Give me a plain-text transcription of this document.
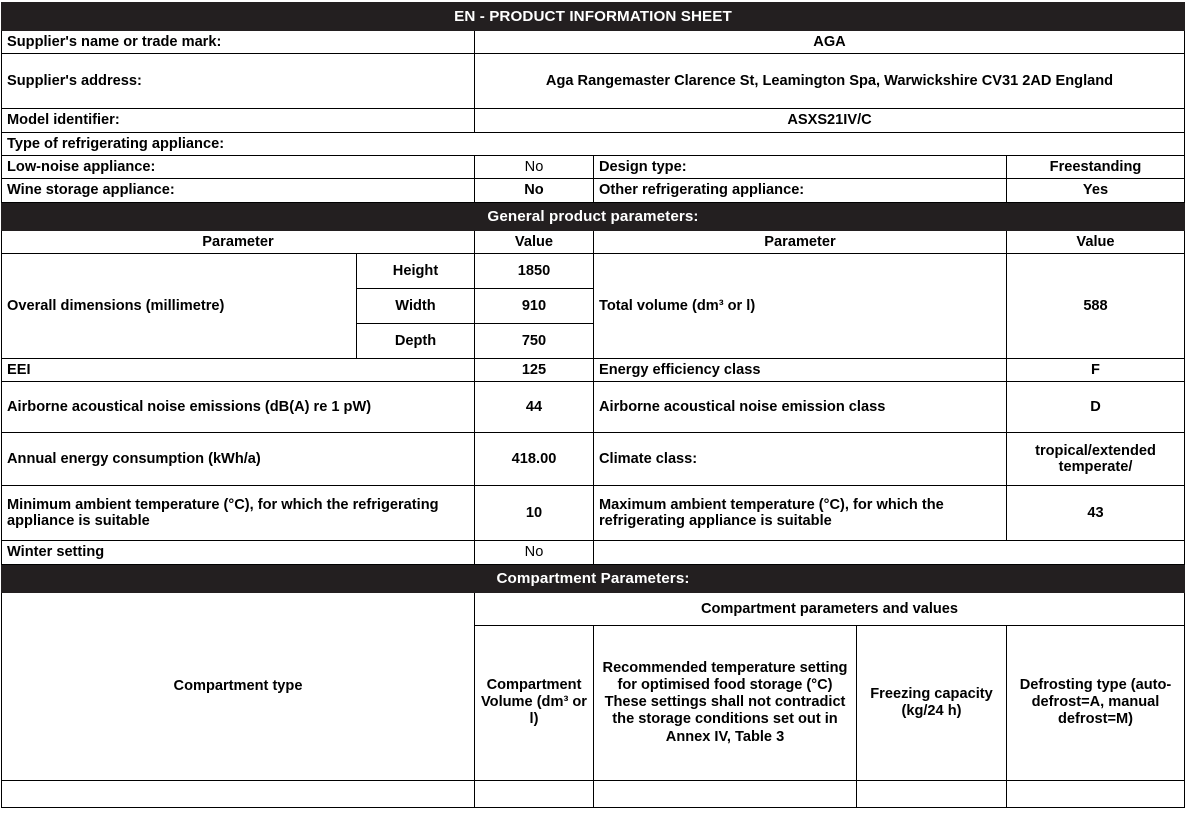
EN - PRODUCT INFORMATION SHEET					
Supplier's name or trade mark:		AGA			
Supplier's address:		Aga Rangemaster Clarence St, Leamington Spa, Warwickshire CV31 2AD England			
Model identifier:		ASXS21IV/C			
Type of refrigerating appliance:					
Low-noise appliance:		No	Design type:		Freestanding
Wine storage appliance:		No	Other refrigerating appliance:		Yes
General product parameters:					
Parameter		Value	Parameter		Value
Overall dimensions (millimetre)	Height	1850	Total volume (dm³ or l)		588
	Width	910			
	Depth	750			
EEI		125	Energy efficiency class		F
Airborne acoustical noise emissions (dB(A) re 1 pW)		44	Airborne acoustical noise emission class		D
Annual energy consumption (kWh/a)		418.00	Climate class:		tropical/extended temperate/
Minimum ambient temperature (°C), for which the refrigerating appliance is suitable		10	Maximum ambient temperature (°C), for which the refrigerating appliance is suitable		43
Winter setting		No			
Compartment Parameters:					
Compartment type		Compartment parameters and values			
		Compartment Volume (dm³ or l)	Recommended temperature setting for optimised food storage (°C) These settings shall not contradict the storage conditions set out in Annex IV, Table 3	Freezing capacity (kg/24 h)	Defrosting type (auto-defrost=A, manual defrost=M)
